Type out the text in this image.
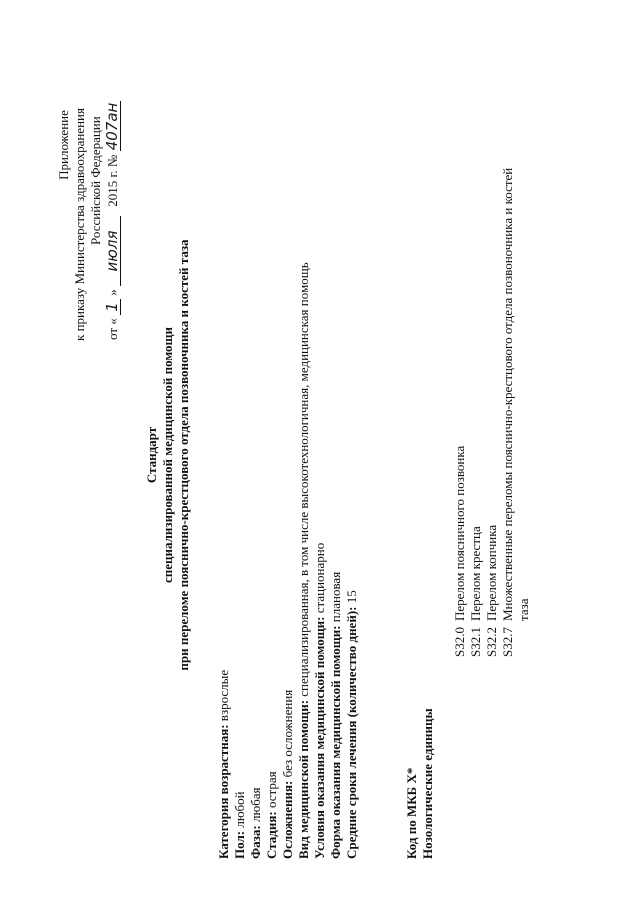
Приложение к приказу Министерства здравоохранения Российской Федерации
от « 1 » июля 2015 г. № 407ан
Стандарт специализированной медицинской помощи при переломе пояснично-крестцового отдела позвоночника и костей таза
Категория возрастная: взрослые
Пол: любой
Фаза: любая
Стадия: острая Осложнения: без осложнения Вид медицинской помощи: специализированная, в том числе высокотехнологичная, медицинская помощь
Условия оказания медицинской помощи: стационарно
Форма оказания медицинской помощи: плановая
Средние сроки лечения (количество дней): 15
Код по МКБ X* Нозологические единицы
S32.0Перелом поясничного позвонка
S32.1Перелом крестца
S32.2Перелом копчика
S32.7Множественные переломы пояснично-крестцового отдела позвоночника и костей таза
